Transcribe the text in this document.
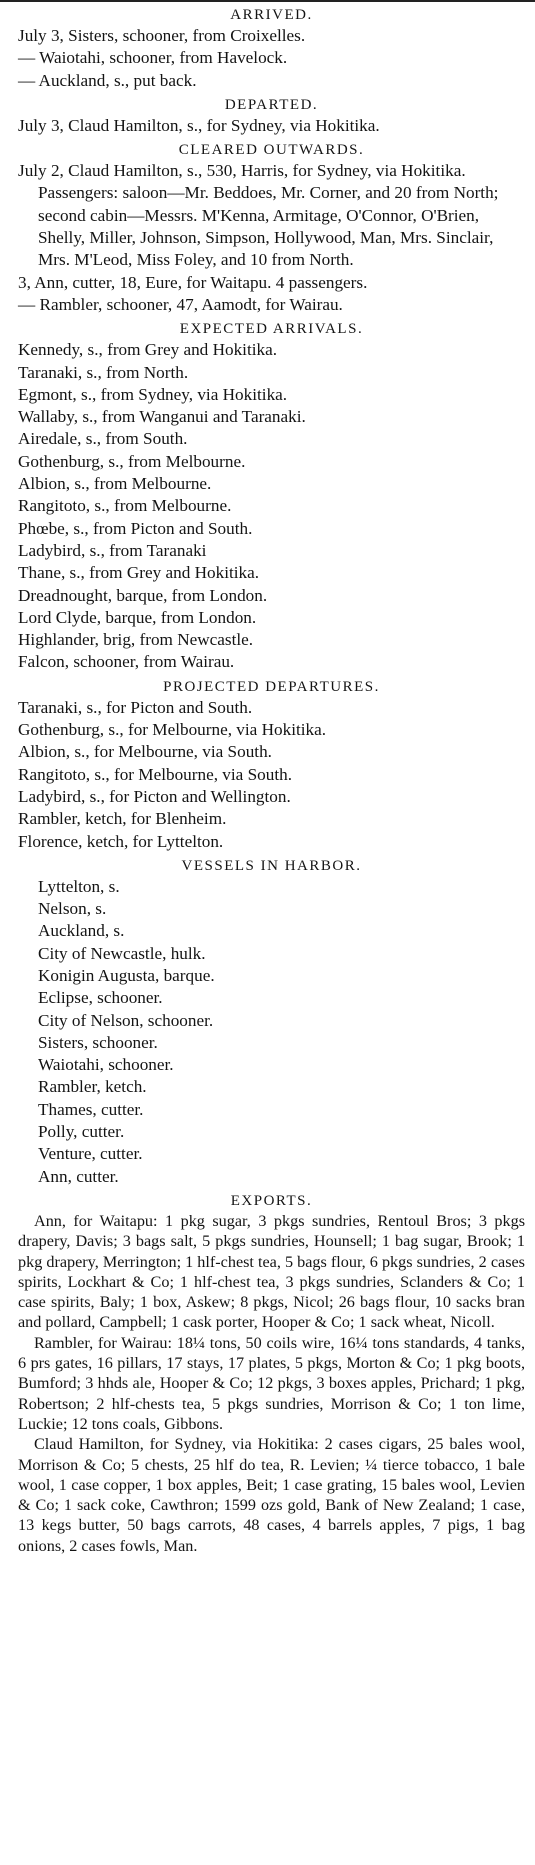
ARRIVED.
July 3, Sisters, schooner, from Croixelles.
— Waiotahi, schooner, from Havelock.
— Auckland, s., put back.
DEPARTED.
July 3, Claud Hamilton, s., for Sydney, via Hokitika.
CLEARED OUTWARDS.
July 2, Claud Hamilton, s., 530, Harris, for Sydney, via Hokitika. Passengers: saloon—Mr. Beddoes, Mr. Corner, and 20 from North; second cabin—Messrs. M'Kenna, Armitage, O'Connor, O'Brien, Shelly, Miller, Johnson, Simpson, Hollywood, Man, Mrs. Sinclair, Mrs. M'Leod, Miss Foley, and 10 from North.
3, Ann, cutter, 18, Eure, for Waitapu. 4 passengers.
— Rambler, schooner, 47, Aamodt, for Wairau.
EXPECTED ARRIVALS.
Kennedy, s., from Grey and Hokitika.
Taranaki, s., from North.
Egmont, s., from Sydney, via Hokitika.
Wallaby, s., from Wanganui and Taranaki.
Airedale, s., from South.
Gothenburg, s., from Melbourne.
Albion, s., from Melbourne.
Rangitoto, s., from Melbourne.
Phœbe, s., from Picton and South.
Ladybird, s., from Taranaki
Thane, s., from Grey and Hokitika.
Dreadnought, barque, from London.
Lord Clyde, barque, from London.
Highlander, brig, from Newcastle.
Falcon, schooner, from Wairau.
PROJECTED DEPARTURES.
Taranaki, s., for Picton and South.
Gothenburg, s., for Melbourne, via Hokitika.
Albion, s., for Melbourne, via South.
Rangitoto, s., for Melbourne, via South.
Ladybird, s., for Picton and Wellington.
Rambler, ketch, for Blenheim.
Florence, ketch, for Lyttelton.
VESSELS IN HARBOR.
Lyttelton, s.
Nelson, s.
Auckland, s.
City of Newcastle, hulk.
Konigin Augusta, barque.
Eclipse, schooner.
City of Nelson, schooner.
Sisters, schooner.
Waiotahi, schooner.
Rambler, ketch.
Thames, cutter.
Polly, cutter.
Venture, cutter.
Ann, cutter.
EXPORTS.

Ann, for Waitapu: 1 pkg sugar, 3 pkgs sundries, Rentoul Bros; 3 pkgs drapery, Davis; 3 bags salt, 5 pkgs sundries, Hounsell; 1 bag sugar, Brook; 1 pkg drapery, Merrington; 1 hlf-chest tea, 5 bags flour, 6 pkgs sundries, 2 cases spirits, Lockhart & Co; 1 hlf-chest tea, 3 pkgs sundries, Sclanders & Co; 1 case spirits, Baly; 1 box, Askew; 8 pkgs, Nicol; 26 bags flour, 10 sacks bran and pollard, Campbell; 1 cask porter, Hooper & Co; 1 sack wheat, Nicoll.

Rambler, for Wairau: 18¼ tons, 50 coils wire, 16¼ tons standards, 4 tanks, 6 prs gates, 16 pillars, 17 stays, 17 plates, 5 pkgs, Morton & Co; 1 pkg boots, Bumford; 3 hhds ale, Hooper & Co; 12 pkgs, 3 boxes apples, Prichard; 1 pkg, Robertson; 2 hlf-chests tea, 5 pkgs sundries, Morrison & Co; 1 ton lime, Luckie; 12 tons coals, Gibbons.

Claud Hamilton, for Sydney, via Hokitika: 2 cases cigars, 25 bales wool, Morrison & Co; 5 chests, 25 hlf do tea, R. Levien; ¼ tierce tobacco, 1 bale wool, 1 case copper, 1 box apples, Beit; 1 case grating, 15 bales wool, Levien & Co; 1 sack coke, Cawthron; 1599 ozs gold, Bank of New Zealand; 1 case, 13 kegs butter, 50 bags carrots, 48 cases, 4 barrels apples, 7 pigs, 1 bag onions, 2 cases fowls, Man.
